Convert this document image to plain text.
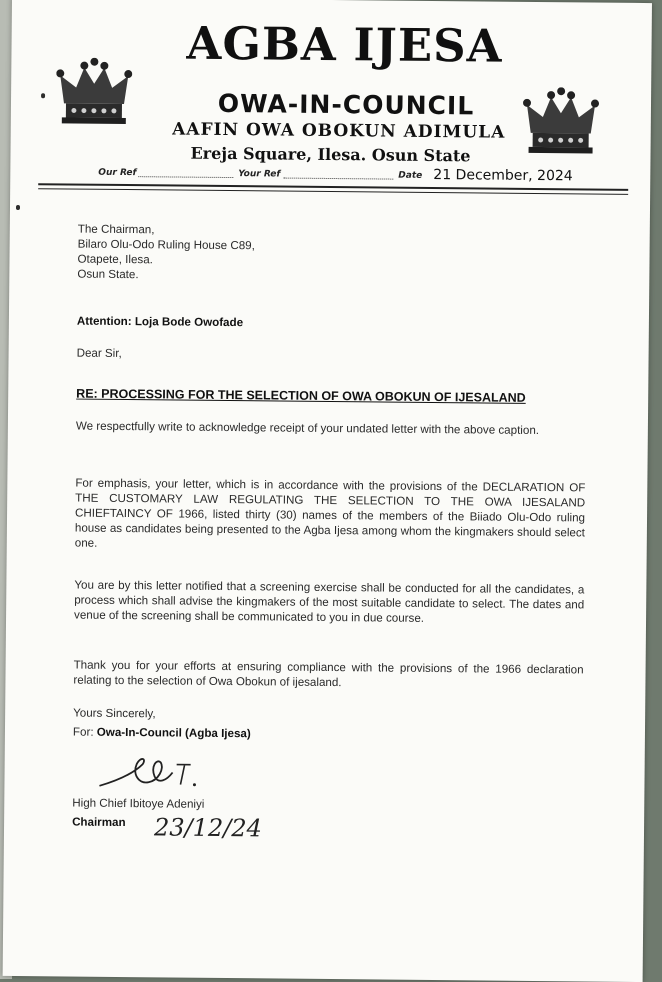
AGBA IJESA
OWA-IN-COUNCIL
AAFIN OWA OBOKUN ADIMULA
Ereja Square, Ilesa. Osun State
Our Ref	Your Ref	Date 21 December, 2024
The Chairman,
Bilaro Olu-Odo Ruling House C89,
Otapete, Ilesa.
Osun State.
Attention: Loja Bode Owofade
Dear Sir,
RE: PROCESSING FOR THE SELECTION OF OWA OBOKUN OF IJESALAND
We respectfully write to acknowledge receipt of your undated letter with the above caption.
For emphasis, your letter, which is in accordance with the provisions of the DECLARATION OF THE CUSTOMARY LAW REGULATING THE SELECTION TO THE OWA IJESALAND CHIEFTAINCY OF 1966, listed thirty (30) names of the members of the Biiado Olu-Odo ruling house as candidates being presented to the Agba Ijesa among whom the kingmakers should select one.
You are by this letter notified that a screening exercise shall be conducted for all the candidates, a process which shall advise the kingmakers of the most suitable candidate to select. The dates and venue of the screening shall be communicated to you in due course.
Thank you for your efforts at ensuring compliance with the provisions of the 1966 declaration relating to the selection of Owa Obokun of ijesaland.
Yours Sincerely,
For: Owa-In-Council (Agba Ijesa)
High Chief Ibitoye Adeniyi
Chairman	23/12/24
